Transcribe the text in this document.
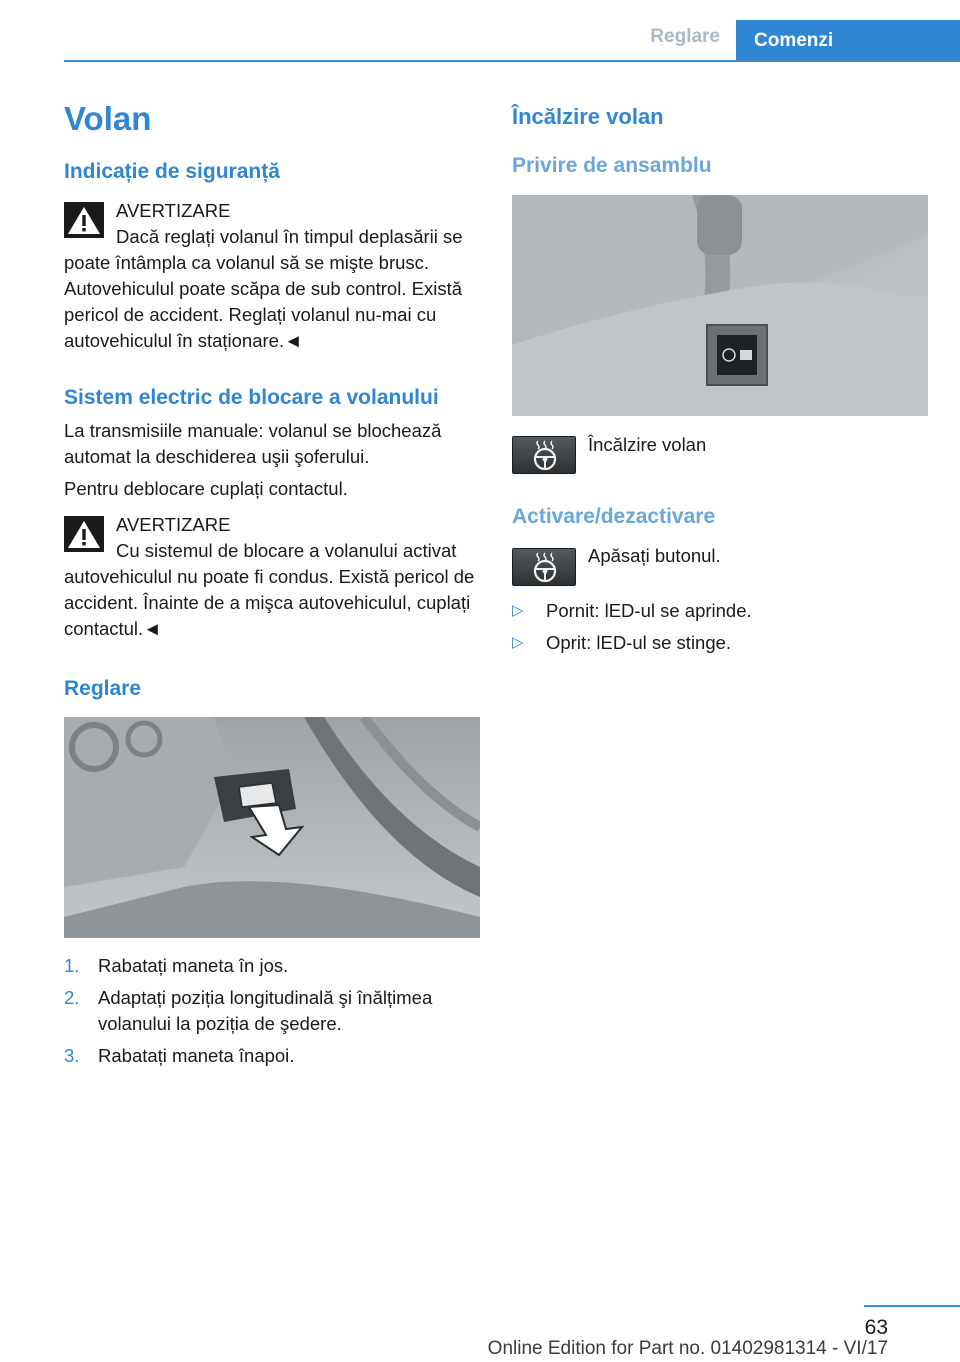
Reglare Comenzi
Volan
Indicație de siguranță
AVERTIZARE
Dacă reglați volanul în timpul deplasării se poate întâmpla ca volanul să se mişte brusc. Autovehiculul poate scăpa de sub control. Există pericol de accident. Reglați volanul nu-mai cu autovehiculul în staționare.◄
Sistem electric de blocare a volanului
La transmisiile manuale: volanul se blochează automat la deschiderea uşii şoferului.
Pentru deblocare cuplați contactul.
AVERTIZARE
Cu sistemul de blocare a volanului activat autovehiculul nu poate fi condus. Există pericol de accident. Înainte de a mişca autovehiculul, cuplați contactul.◄
Reglare
1. Rabatați maneta în jos.
2. Adaptați poziția longitudinală şi înălțimea volanului la poziția de şedere.
3. Rabatați maneta înapoi.
Încălzire volan
Privire de ansamblu
Încălzire volan
Activare/dezactivare
Apăsați butonul.
▷ Pornit: lED-ul se aprinde.
▷ Oprit: lED-ul se stinge.
63
Online Edition for Part no. 01402981314 - VI/17
